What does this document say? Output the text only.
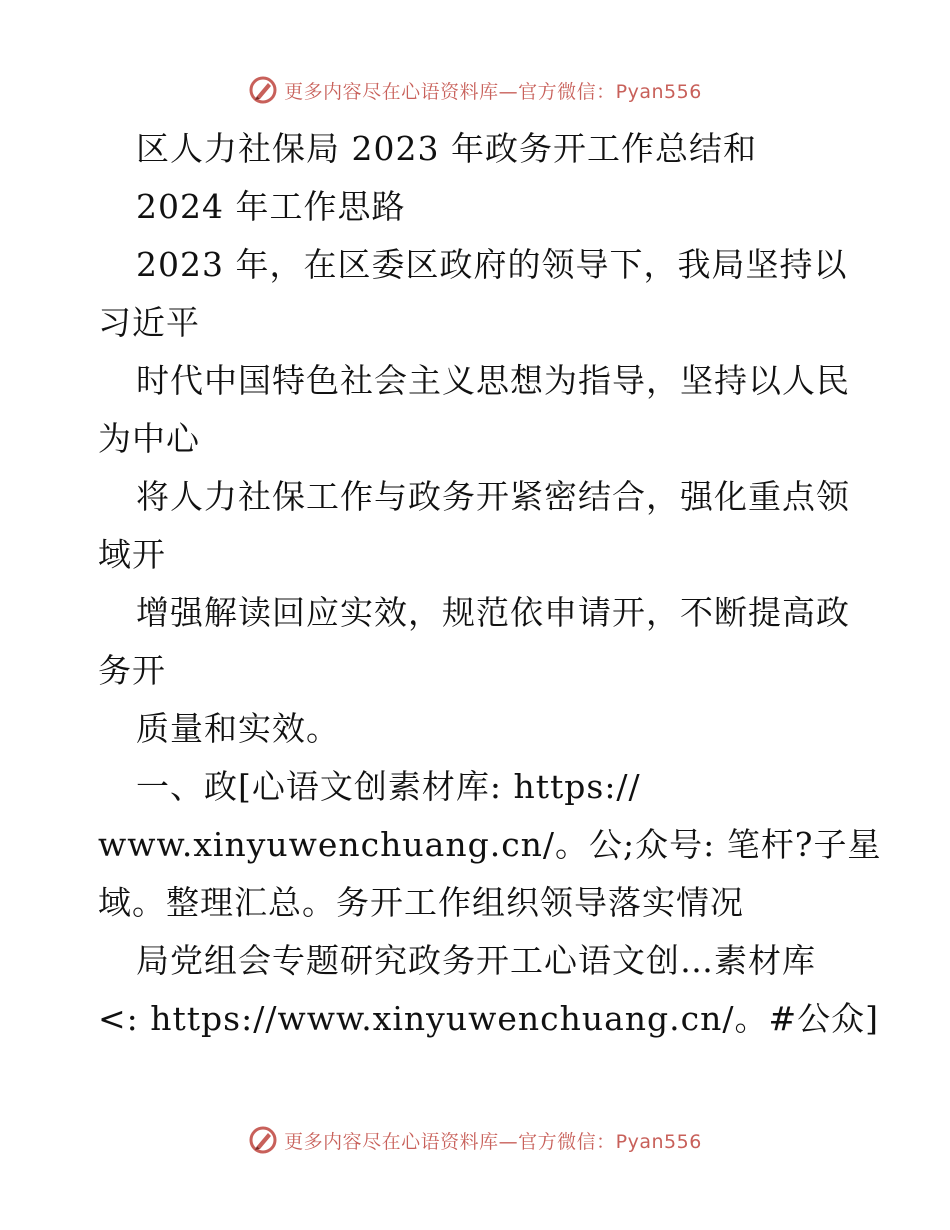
更多内容尽在心语资料库—官方微信：Pyan556
区人力社保局 2023 年政务开工作总结和
2024 年工作思路
2023 年，在区委区政府的领导下，我局坚持以
习近平
时代中国特色社会主义思想为指导，坚持以人民
为中心
将人力社保工作与政务开紧密结合，强化重点领
域开
增强解读回应实效，规范依申请开，不断提高政
务开
质量和实效。
一、政[心语文创素材库: https://
www.xinyuwenchuang.cn/。公;众号: 笔杆?子星
域。整理汇总。务开工作组织领导落实情况
局党组会专题研究政务开工心语文创…素材库
<: https://www.xinyuwenchuang.cn/。#公众]
更多内容尽在心语资料库—官方微信：Pyan556
